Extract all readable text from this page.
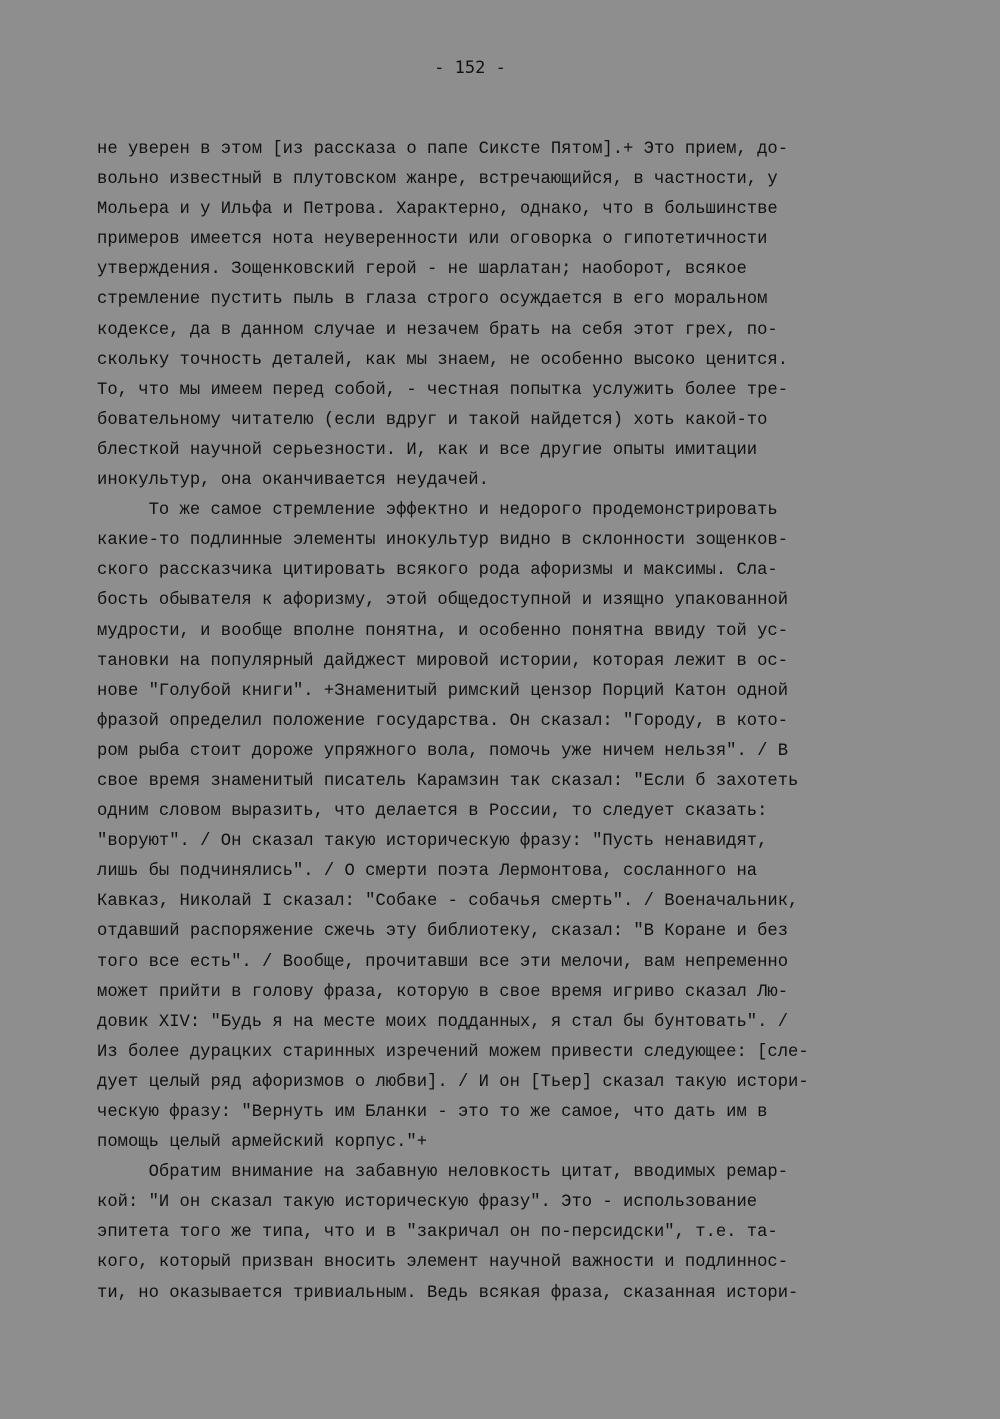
- 152 -
не уверен в этом [из рассказа о папе Сиксте Пятом].+ Это прием, до-
вольно известный в плутовском жанре, встречающийся, в частности, у
Мольера и у Ильфа и Петрова. Характерно, однако, что в большинстве
примеров имеется нота неуверенности или оговорка о гипотетичности
утверждения. Зощенковский герой - не шарлатан; наоборот, всякое
стремление пустить пыль в глаза строго осуждается в его моральном
кодексе, да в данном случае и незачем брать на себя этот грех, по-
скольку точность деталей, как мы знаем, не особенно высоко ценится.
То, что мы имеем перед собой, - честная попытка услужить более тре-
бовательному читателю (если вдруг и такой найдется) хоть какой-то
блесткой научной серьезности. И, как и все другие опыты имитации
инокультур, она оканчивается неудачей.
То же самое стремление эффектно и недорого продемонстрировать
какие-то подлинные элементы инокультур видно в склонности зощенков-
ского рассказчика цитировать всякого рода афоризмы и максимы. Сла-
бость обывателя к афоризму, этой общедоступной и изящно упакованной
мудрости, и вообще вполне понятна, и особенно понятна ввиду той ус-
тановки на популярный дайджест мировой истории, которая лежит в ос-
нове "Голубой книги". +Знаменитый римский цензор Порций Катон одной
фразой определил положение государства. Он сказал: "Городу, в кото-
ром рыба стоит дороже упряжного вола, помочь уже ничем нельзя". / В
свое время знаменитый писатель Карамзин так сказал: "Если б захотеть
одним словом выразить, что делается в России, то следует сказать:
"воруют". / Он сказал такую историческую фразу: "Пусть ненавидят,
лишь бы подчинялись". / О смерти поэта Лермонтова, сосланного на
Кавказ, Николай I сказал: "Собаке - собачья смерть". / Военачальник,
отдавший распоряжение сжечь эту библиотеку, сказал: "В Коране и без
того все есть". / Вообще, прочитавши все эти мелочи, вам непременно
может прийти в голову фраза, которую в свое время игриво сказал Лю-
довик XIV: "Будь я на месте моих подданных, я стал бы бунтовать". /
Из более дурацких старинных изречений можем привести следующее: [сле-
дует целый ряд афоризмов о любви]. / И он [Тьер] сказал такую истори-
ческую фразу: "Вернуть им Бланки - это то же самое, что дать им в
помощь целый армейский корпус."+
Обратим внимание на забавную неловкость цитат, вводимых ремар-
кой: "И он сказал такую историческую фразу". Это - использование
эпитета того же типа, что и в "закричал он по-персидски", т.е. та-
кого, который призван вносить элемент научной важности и подлиннос-
ти, но оказывается тривиальным. Ведь всякая фраза, сказанная истори-
